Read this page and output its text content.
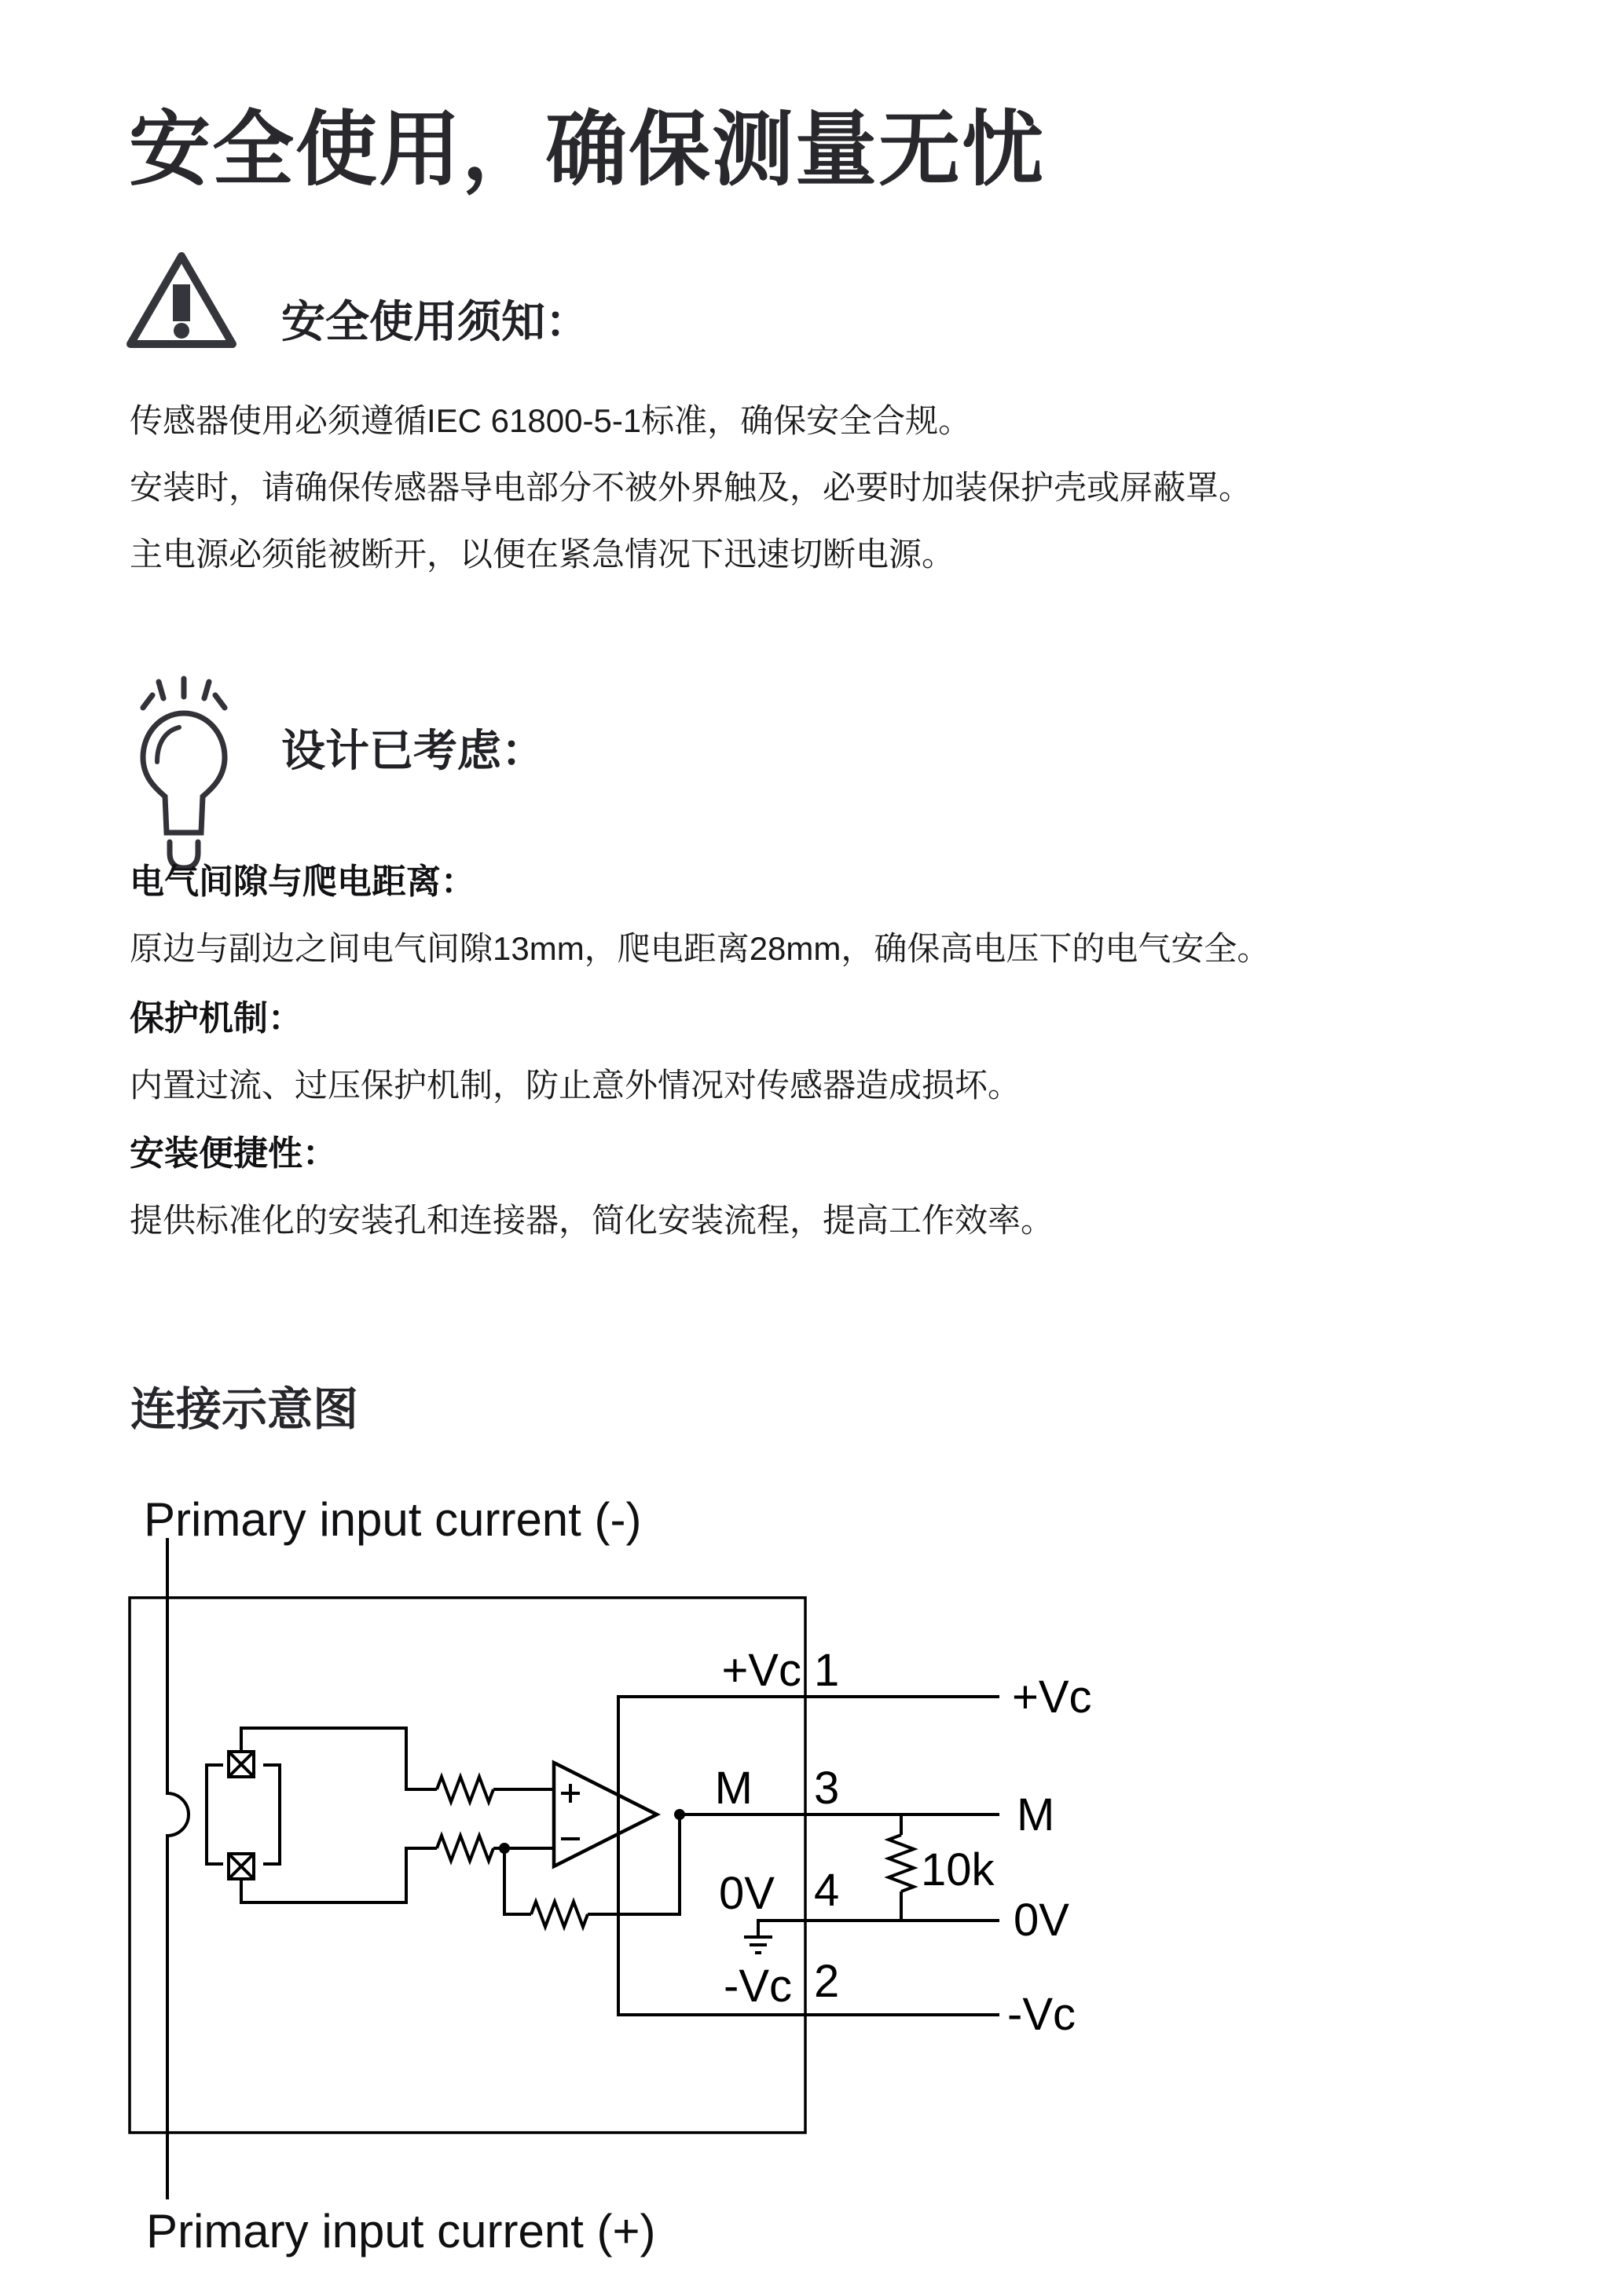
安全使用，确保测量无忧
安全使用须知：
传感器使用必须遵循IEC 61800-5-1标准，确保安全合规。
安装时，请确保传感器导电部分不被外界触及，必要时加装保护壳或屏蔽罩。
主电源必须能被断开，以便在紧急情况下迅速切断电源。
设计已考虑：
电气间隙与爬电距离：
原边与副边之间电气间隙13mm，爬电距离28mm，确保高电压下的电气安全。
保护机制：
内置过流、过压保护机制，防止意外情况对传感器造成损坏。
安装便捷性：
提供标准化的安装孔和连接器，简化安装流程，提高工作效率。
连接示意图
Primary input current (-)
Primary input current (+)
+Vc 1
+Vc
M 3
M
0V 4
0V
-Vc 2
-Vc
10k
